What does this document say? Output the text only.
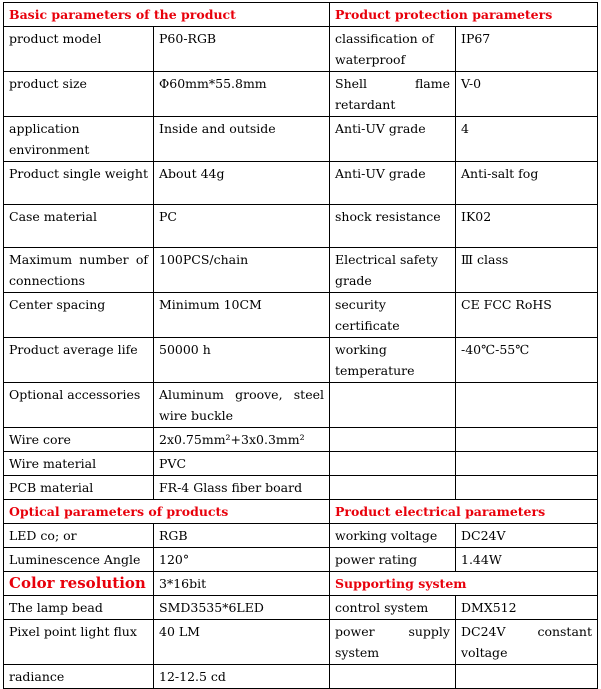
Basic parameters of the product		Product protection parameters	
product model	P60-RGB	classification of waterproof	IP67
product size	Φ60mm*55.8mm	Shell flame retardant	V-0
application environment	Inside and outside	Anti-UV grade	4
Product single weight	About 44g	Anti-UV grade	Anti-salt fog
Case material	PC	shock resistance	IK02
Maximum number of connections	100PCS/chain	Electrical safety grade	Ⅲ class
Center spacing	Minimum 10CM	security certificate	CE FCC RoHS
Product average life	50000 h	working temperature	-40℃-55℃
Optional accessories	Aluminum groove, steel wire buckle		
Wire core	2x0.75mm²+3x0.3mm²		
Wire material	PVC		
PCB material	FR-4 Glass fiber board		
Optical parameters of products		Product electrical parameters	
LED co; or	RGB	working voltage	DC24V
Luminescence Angle	120°	power rating	1.44W
Color resolution	3*16bit	Supporting system	
The lamp bead	SMD3535*6LED	control system	DMX512
Pixel point light flux	40 LM	power supply system	DC24V constant voltage
radiance	12-12.5 cd		
